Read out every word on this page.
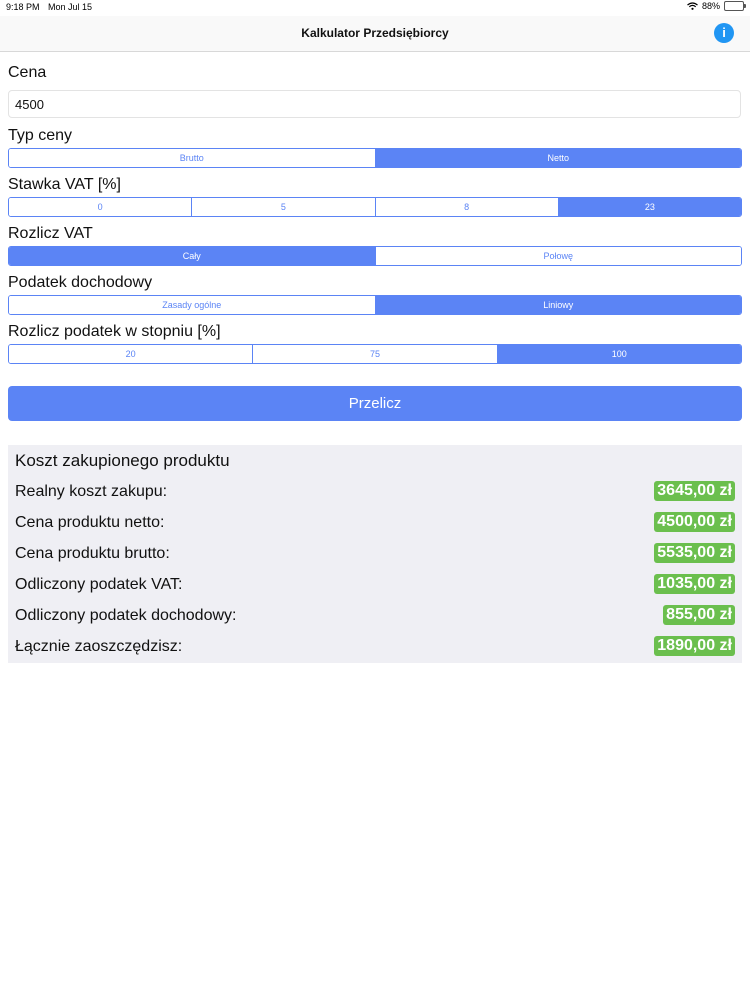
9:18 PM Mon Jul 15	88%
Kalkulator Przedsiębiorcy	i
Cena
4500
Typ ceny
Brutto	Netto
Stawka VAT [%]
0	5	8	23
Rozlicz VAT
Cały	Połowę
Podatek dochodowy
Zasady ogólne	Liniowy
Rozlicz podatek w stopniu [%]
20	75	100
Przelicz
Koszt zakupionego produktu
Realny koszt zakupu:	3645,00 zł
Cena produktu netto:	4500,00 zł
Cena produktu brutto:	5535,00 zł
Odliczony podatek VAT:	1035,00 zł
Odliczony podatek dochodowy:	855,00 zł
Łącznie zaoszczędzisz:	1890,00 zł
